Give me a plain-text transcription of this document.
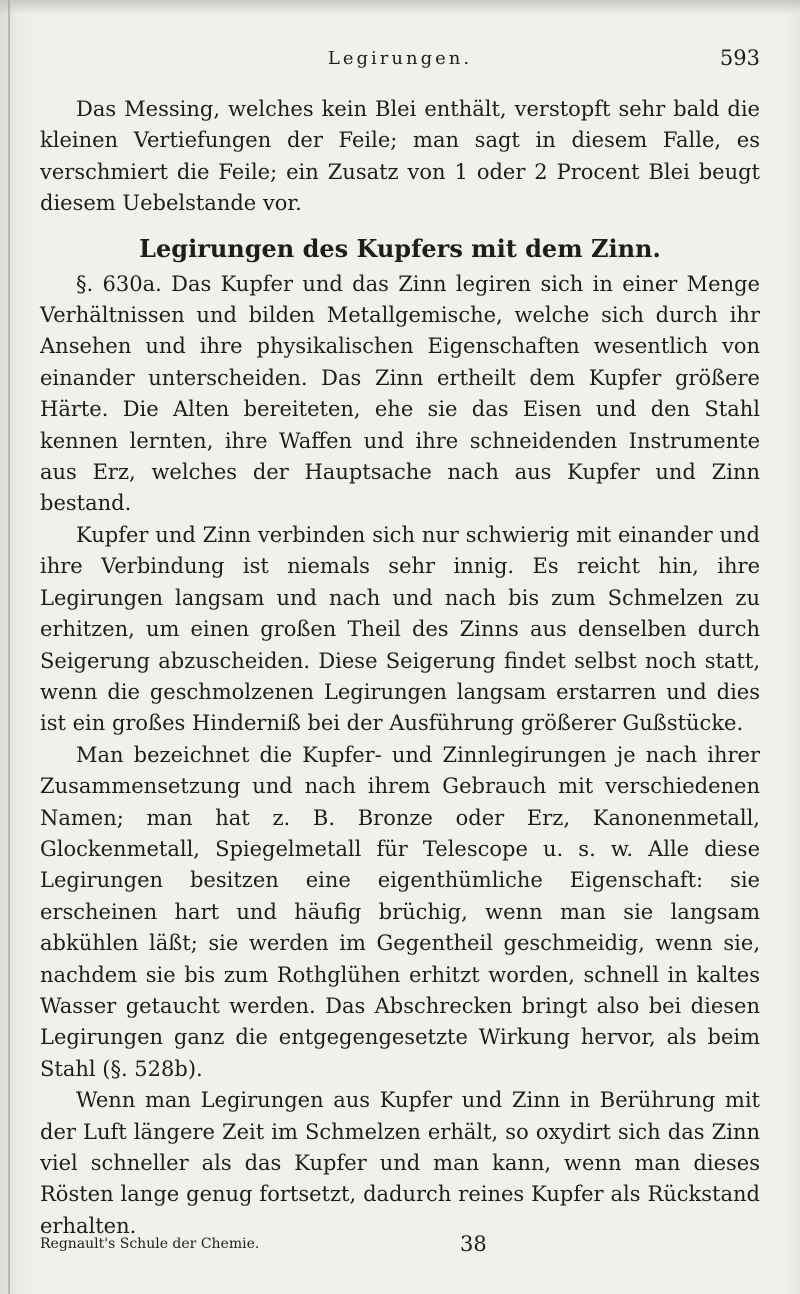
Legirungen.	593

Das Messing, welches kein Blei enthält, verstopft sehr bald die kleinen Vertiefungen der Feile; man sagt in diesem Falle, es verschmiert die Feile; ein Zusatz von 1 oder 2 Procent Blei beugt diesem Uebelstande vor.

Legirungen des Kupfers mit dem Zinn.

§. 630a. Das Kupfer und das Zinn legiren sich in einer Menge Verhältnissen und bilden Metallgemische, welche sich durch ihr Ansehen und ihre physikalischen Eigenschaften wesentlich von einander unterscheiden. Das Zinn ertheilt dem Kupfer größere Härte. Die Alten bereiteten, ehe sie das Eisen und den Stahl kennen lernten, ihre Waffen und ihre schneidenden Instrumente aus Erz, welches der Hauptsache nach aus Kupfer und Zinn bestand.

Kupfer und Zinn verbinden sich nur schwierig mit einander und ihre Verbindung ist niemals sehr innig. Es reicht hin, ihre Legirungen langsam und nach und nach bis zum Schmelzen zu erhitzen, um einen großen Theil des Zinns aus denselben durch Seigerung abzuscheiden. Diese Seigerung findet selbst noch statt, wenn die geschmolzenen Legirungen langsam erstarren und dies ist ein großes Hinderniß bei der Ausführung größerer Gußstücke.

Man bezeichnet die Kupfer- und Zinnlegirungen je nach ihrer Zusammensetzung und nach ihrem Gebrauch mit verschiedenen Namen; man hat z. B. Bronze oder Erz, Kanonenmetall, Glockenmetall, Spiegelmetall für Telescope u. s. w. Alle diese Legirungen besitzen eine eigenthümliche Eigenschaft: sie erscheinen hart und häufig brüchig, wenn man sie langsam abkühlen läßt; sie werden im Gegentheil geschmeidig, wenn sie, nachdem sie bis zum Rothglühen erhitzt worden, schnell in kaltes Wasser getaucht werden. Das Abschrecken bringt also bei diesen Legirungen ganz die entgegengesetzte Wirkung hervor, als beim Stahl (§. 528b).

Wenn man Legirungen aus Kupfer und Zinn in Berührung mit der Luft längere Zeit im Schmelzen erhält, so oxydirt sich das Zinn viel schneller als das Kupfer und man kann, wenn man dieses Rösten lange genug fortsetzt, dadurch reines Kupfer als Rückstand erhalten.

Regnault's Schule der Chemie.	38
